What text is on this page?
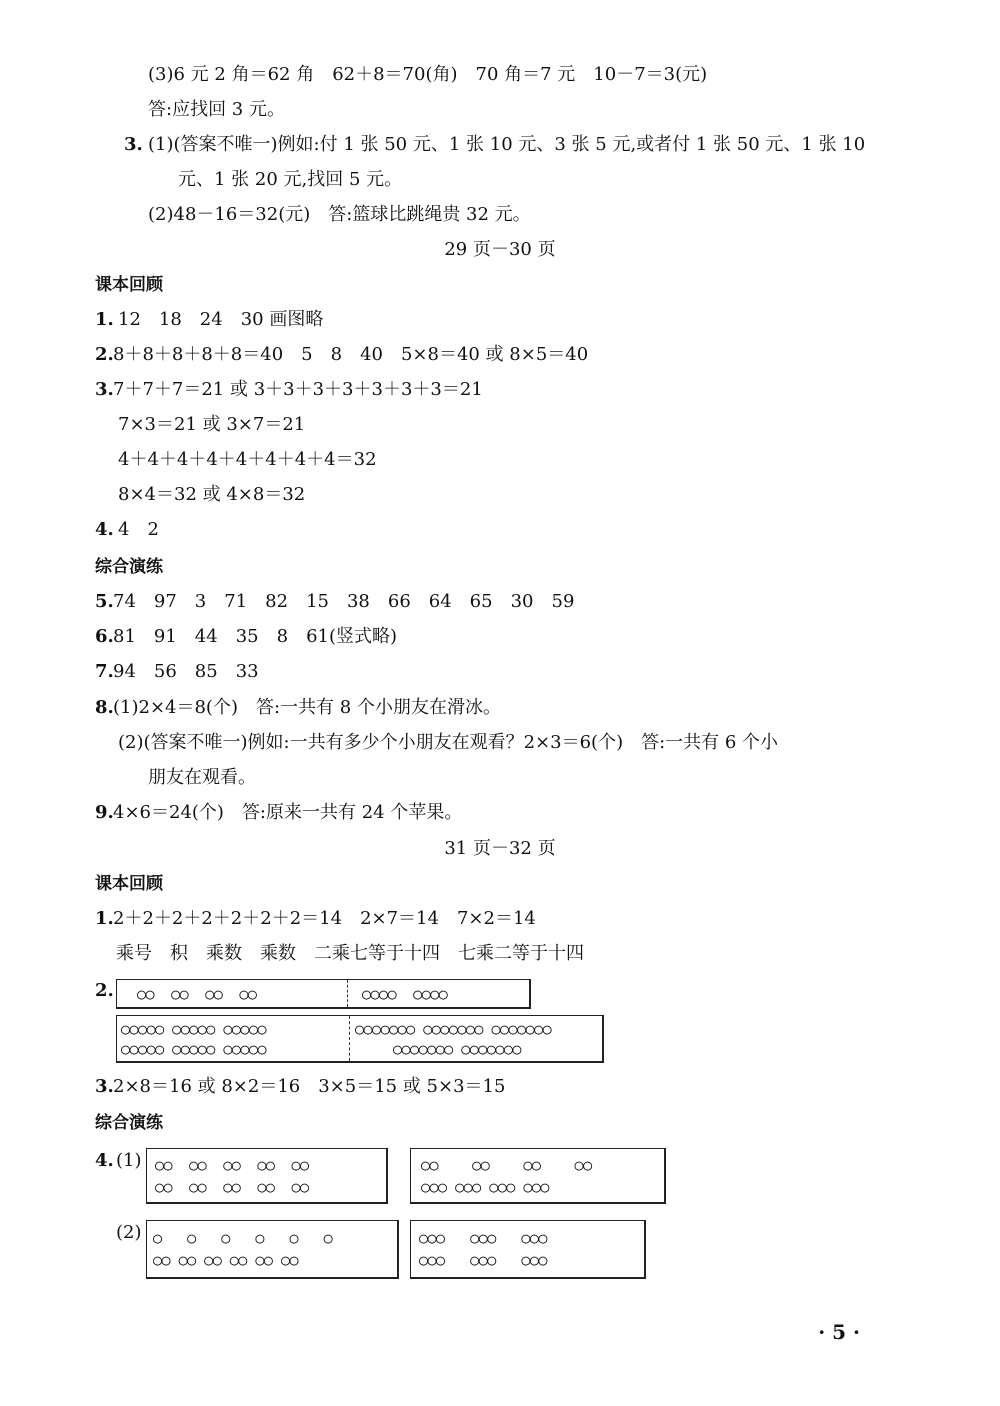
(3)6 元 2 角＝62 角　62＋8＝70(角)　70 角＝7 元　10－7＝3(元)
答:应找回 3 元。
3. (1)(答案不唯一)例如:付 1 张 50 元、1 张 10 元、3 张 5 元,或者付 1 张 50 元、1 张 10
元、1 张 20 元,找回 5 元。
(2)48－16＝32(元)　答:篮球比跳绳贵 32 元。
29 页－30 页
课本回顾
1. 12　18　24　30 画图略
2. 8＋8＋8＋8＋8＝40　5　8　40　5×8＝40 或 8×5＝40
3. 7＋7＋7＝21 或 3＋3＋3＋3＋3＋3＋3＝21
7×3＝21 或 3×7＝21
4＋4＋4＋4＋4＋4＋4＋4＝32
8×4＝32 或 4×8＝32
4. 4　2
综合演练
5. 74　97　3　71　82　15　38　66　64　65　30　59
6. 81　91　44　35　8　61(竖式略)
7. 94　56　85　33
8. (1)2×4＝8(个)　答:一共有 8 个小朋友在滑冰。
(2)(答案不唯一)例如:一共有多少个小朋友在观看？2×3＝6(个)　答:一共有 6 个小
朋友在观看。
9. 4×6＝24(个)　答:原来一共有 24 个苹果。
31 页－32 页
课本回顾
1. 2＋2＋2＋2＋2＋2＋2＝14　2×7＝14　7×2＝14
乘号　积　乘数　乘数　二乘七等于十四　七乘二等于十四
2. ○○  ○○  ○○  ○○	○○○○  ○○○○
○○○○○ ○○○○○ ○○○○○
○○○○○ ○○○○○ ○○○○○
○○○○○○○ ○○○○○○○ ○○○○○○○
○○○○○○○ ○○○○○○○
3. 2×8＝16 或 8×2＝16　3×5＝15 或 5×3＝15
综合演练
4. (1) ○○  ○○  ○○  ○○  ○○
○○  ○○  ○○  ○○  ○○
○○    ○○    ○○    ○○
○○○ ○○○ ○○○ ○○○
(2) ○   ○   ○   ○   ○   ○
○○ ○○ ○○ ○○ ○○ ○○
○○○   ○○○   ○○○
○○○   ○○○   ○○○
· 5 ·
